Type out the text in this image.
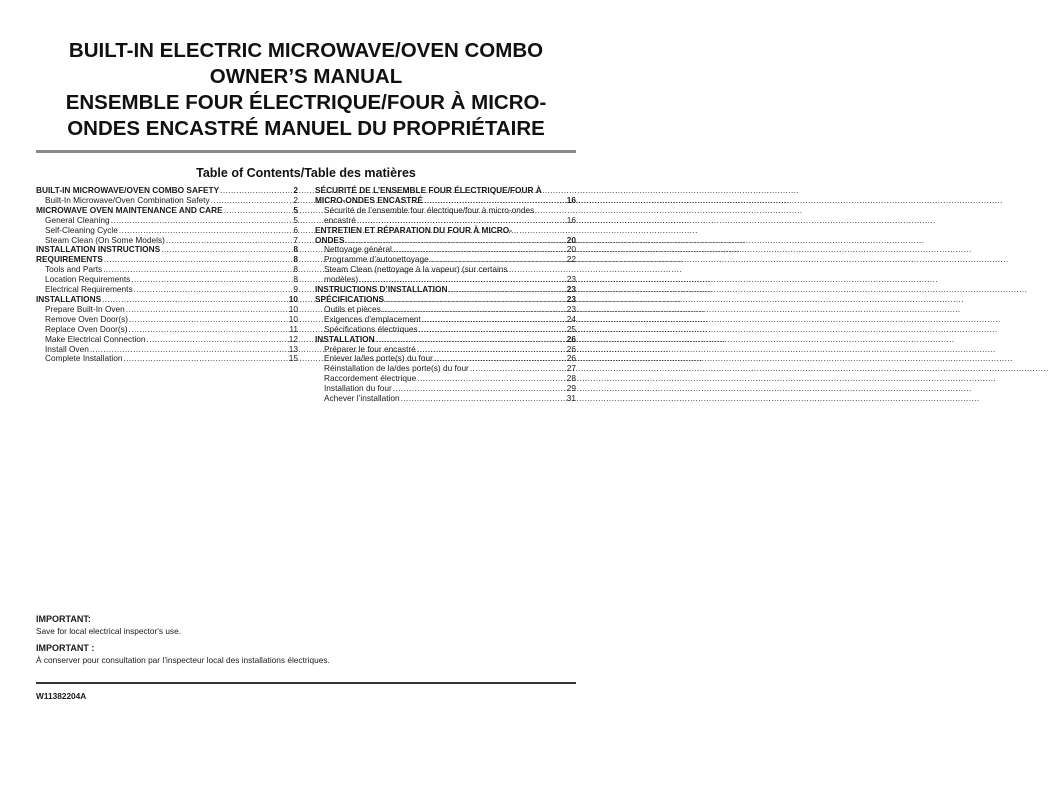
BUILT-IN ELECTRIC MICROWAVE/OVEN COMBO
OWNER’S MANUAL
ENSEMBLE FOUR ÉLECTRIQUE/FOUR À MICRO-
ONDES ENCASTRÉ MANUEL DU PROPRIÉTAIRE
Table of Contents/Table des matières
BUILT-IN MICROWAVE/OVEN COMBO SAFETY .....	2
Built-In Microwave/Oven Combination Safety .....	2
MICROWAVE OVEN MAINTENANCE AND CARE .....	5
General Cleaning .....	5
Self-Cleaning Cycle .....	6
Steam Clean (On Some Models) .....	7
INSTALLATION INSTRUCTIONS .....	8
REQUIREMENTS .....	8
Tools and Parts .....	8
Location Requirements .....	8
Electrical Requirements .....	9
INSTALLATIONS .....	10
Prepare Built-In Oven .....	10
Remove Oven Door(s) .....	10
Replace Oven Door(s) .....	11
Make Electrical Connection .....	12
Install Oven .....	13
Complete Installation .....	15
SÉCURITÉ DE L’ENSEMBLE FOUR ÉLECTRIQUE/FOUR À
MICRO-ONDES ENCASTRÉ .....	16
Sécurité de l’ensemble four électrique/four à micro-ondes
encastré .....	16
ENTRETIEN ET RÉPARATION DU FOUR À MICRO-
ONDES .....	20
Nettoyage général .....	20
Programme d’autonettoyage .....	22
Steam Clean (nettoyage à la vapeur) (sur certains
modèles) .....	23
INSTRUCTIONS D’INSTALLATION .....	23
SPÉCIFICATIONS .....	23
Outils et pièces .....	23
Exigences d’emplacement .....	24
Spécifications électriques .....	25
INSTALLATION .....	26
Préparer le four encastré .....	26
Enlever la/les porte(s) du four .....	26
Réinstallation de la/des porte(s) du four .....	27
Raccordement électrique .....	28
Installation du four .....	29
Achever l’installation .....	31
IMPORTANT:
Save for local electrical inspector's use.
IMPORTANT :
À conserver pour consultation par l’inspecteur local des installations électriques.
W11382204A
